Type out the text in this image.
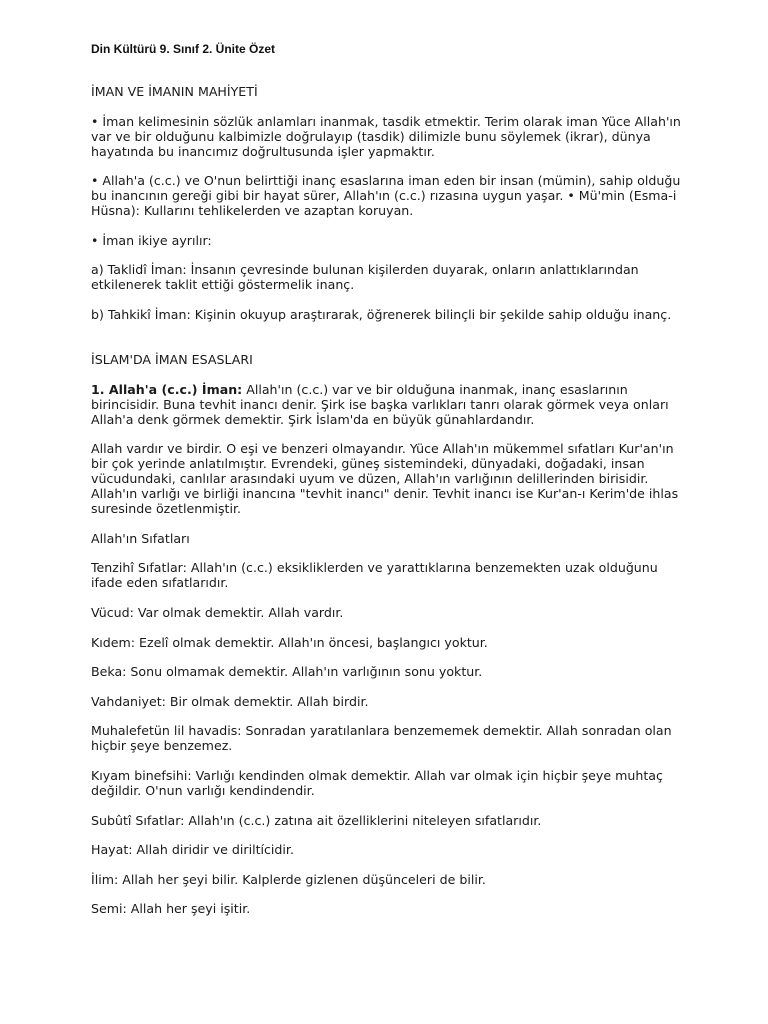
Din Kültürü 9. Sınıf 2. Ünite Özet

İMAN VE İMANIN MAHİYETİ

• İman kelimesinin sözlük anlamları inanmak, tasdik etmektir. Terim olarak iman Yüce Allah'ın var ve bir olduğunu kalbimizle doğrulayıp (tasdik) dilimizle bunu söylemek (ikrar), dünya hayatında bu inancımız doğrultusunda işler yapmaktır.

• Allah'a (c.c.) ve O'nun belirttiği inanç esaslarına iman eden bir insan (mümin), sahip olduğu bu inancının gereği gibi bir hayat sürer, Allah'ın (c.c.) rızasına uygun yaşar. • Mü'min (Esma-i Hüsna): Kullarını tehlikelerden ve azaptan koruyan.

• İman ikiye ayrılır:

a) Taklidî İman: İnsanın çevresinde bulunan kişilerden duyarak, onların anlattıklarından etkilenerek taklit ettiği göstermelik inanç.

b) Tahkikî İman: Kişinin okuyup araştırarak, öğrenerek bilinçli bir şekilde sahip olduğu inanç.

İSLAM'DA İMAN ESASLARI

1. Allah'a (c.c.) İman: Allah'ın (c.c.) var ve bir olduğuna inanmak, inanç esaslarının birincisidir. Buna tevhit inancı denir. Şirk ise başka varlıkları tanrı olarak görmek veya onları Allah'a denk görmek demektir. Şirk İslam'da en büyük günahlardandır.

Allah vardır ve birdir. O eşi ve benzeri olmayandır. Yüce Allah'ın mükemmel sıfatları Kur'an'ın bir çok yerinde anlatılmıştır. Evrendeki, güneş sistemindeki, dünyadaki, doğadaki, insan vücudundaki, canlılar arasındaki uyum ve düzen, Allah'ın varlığının delillerinden birisidir. Allah'ın varlığı ve birliği inancına "tevhit inancı" denir. Tevhit inancı ise Kur'an-ı Kerim'de ihlas suresinde özetlenmiştir.

Allah'ın Sıfatları

Tenzihî Sıfatlar: Allah'ın (c.c.) eksikliklerden ve yarattıklarına benzemekten uzak olduğunu ifade eden sıfatlarıdır.

Vücud: Var olmak demektir. Allah vardır.

Kıdem: Ezelî olmak demektir. Allah'ın öncesi, başlangıcı yoktur.

Beka: Sonu olmamak demektir. Allah'ın varlığının sonu yoktur.

Vahdaniyet: Bir olmak demektir. Allah birdir.

Muhalefetün lil havadis: Sonradan yaratılanlara benzememek demektir. Allah sonradan olan hiçbir şeye benzemez.

Kıyam binefsihi: Varlığı kendinden olmak demektir. Allah var olmak için hiçbir şeye muhtaç değildir. O'nun varlığı kendindendir.

Subûtî Sıfatlar: Allah'ın (c.c.) zatına ait özelliklerini niteleyen sıfatlarıdır.

Hayat: Allah diridir ve diriltícidir.

İlim: Allah her şeyi bilir. Kalplerde gizlenen düşünceleri de bilir.

Semi: Allah her şeyi işitir.
